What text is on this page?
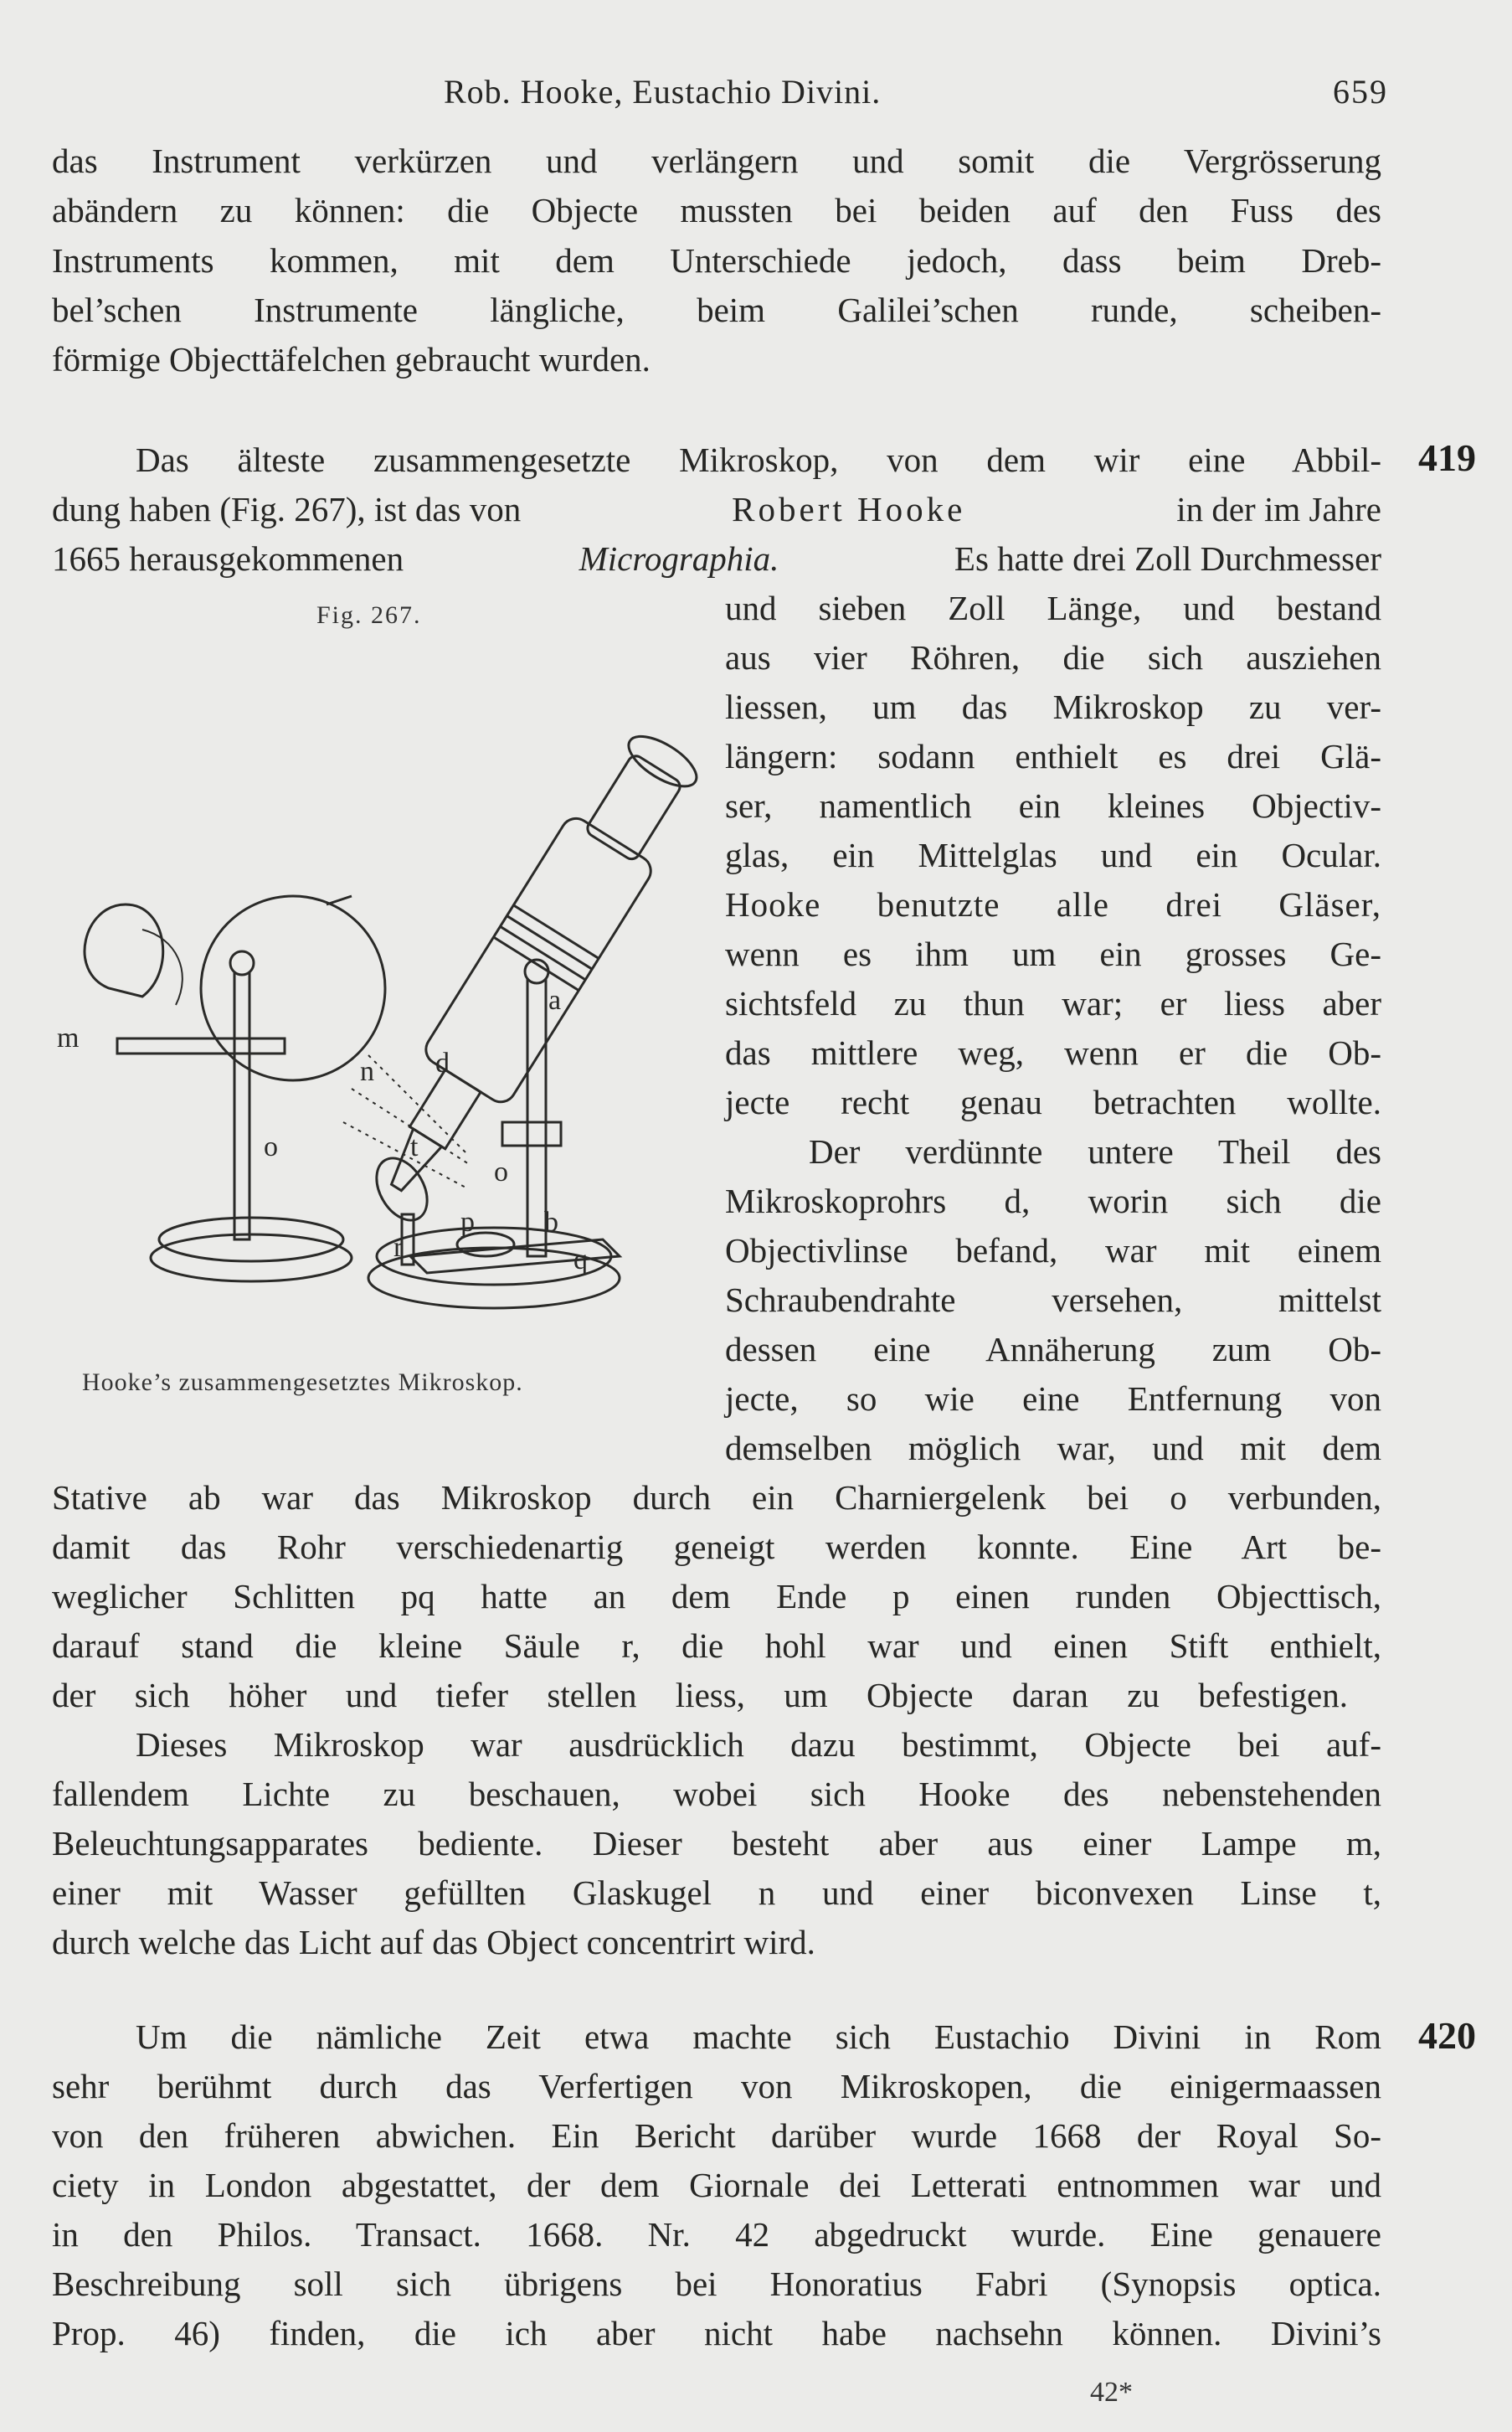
Rob. Hooke, Eustachio Divini.	659
das Instrument verkürzen und verlängern und somit die Vergrösserung
abändern zu können: die Objecte mussten bei beiden auf den Fuss des
Instruments kommen, mit dem Unterschiede jedoch, dass beim Dreb-
bel’schen Instrumente längliche, beim Galilei’schen runde, scheiben-
förmige Objecttäfelchen gebraucht wurden.
419
420
Das älteste zusammengesetzte Mikroskop, von dem wir eine Abbil-
dung haben (Fig. 267), ist das von	Robert Hooke	in der im Jahre
1665 herausgekommenen	Micrographia.	Es hatte drei Zoll Durchmesser
und sieben Zoll Länge, und bestand
aus vier Röhren, die sich ausziehen
liessen, um das Mikroskop zu ver-
längern: sodann enthielt es drei Glä-
ser, namentlich ein kleines Objectiv-
glas, ein Mittelglas und ein Ocular.
Hooke benutzte alle drei Gläser,
wenn es ihm um ein grosses Ge-
sichtsfeld zu thun war; er liess aber
das mittlere weg, wenn er die Ob-
jecte recht genau betrachten wollte.
Der verdünnte untere Theil des
Mikroskoprohrs d, worin sich die
Objectivlinse befand, war mit einem
Schraubendrahte versehen, mittelst
dessen eine Annäherung zum Ob-
jecte, so wie eine Entfernung von
demselben möglich war, und mit dem
Fig. 267.
Hooke’s zusammengesetztes Mikroskop.
m
n
o	t
d
a
o
r
p b
q
Stative ab war das Mikroskop durch ein Charniergelenk bei o verbunden,
damit das Rohr verschiedenartig geneigt werden konnte. Eine Art be-
weglicher Schlitten pq hatte an dem Ende p einen runden Objecttisch,
darauf stand die kleine Säule r, die hohl war und einen Stift enthielt,
der sich höher und tiefer stellen liess, um Objecte daran zu befestigen.
Dieses Mikroskop war ausdrücklich dazu bestimmt, Objecte bei auf-
fallendem Lichte zu beschauen, wobei sich Hooke des nebenstehenden
Beleuchtungsapparates bediente. Dieser besteht aber aus einer Lampe m,
einer mit Wasser gefüllten Glaskugel n und einer biconvexen Linse t,
durch welche das Licht auf das Object concentrirt wird.
Um die nämliche Zeit etwa machte sich Eustachio Divini in Rom
sehr berühmt durch das Verfertigen von Mikroskopen, die einigermaassen
von den früheren abwichen. Ein Bericht darüber wurde 1668 der Royal So-
ciety in London abgestattet, der dem Giornale dei Letterati entnommen war und
in den Philos. Transact. 1668. Nr. 42 abgedruckt wurde. Eine genauere
Beschreibung soll sich übrigens bei Honoratius Fabri (Synopsis optica.
Prop. 46) finden, die ich aber nicht habe nachsehn können. Divini’s
42*
